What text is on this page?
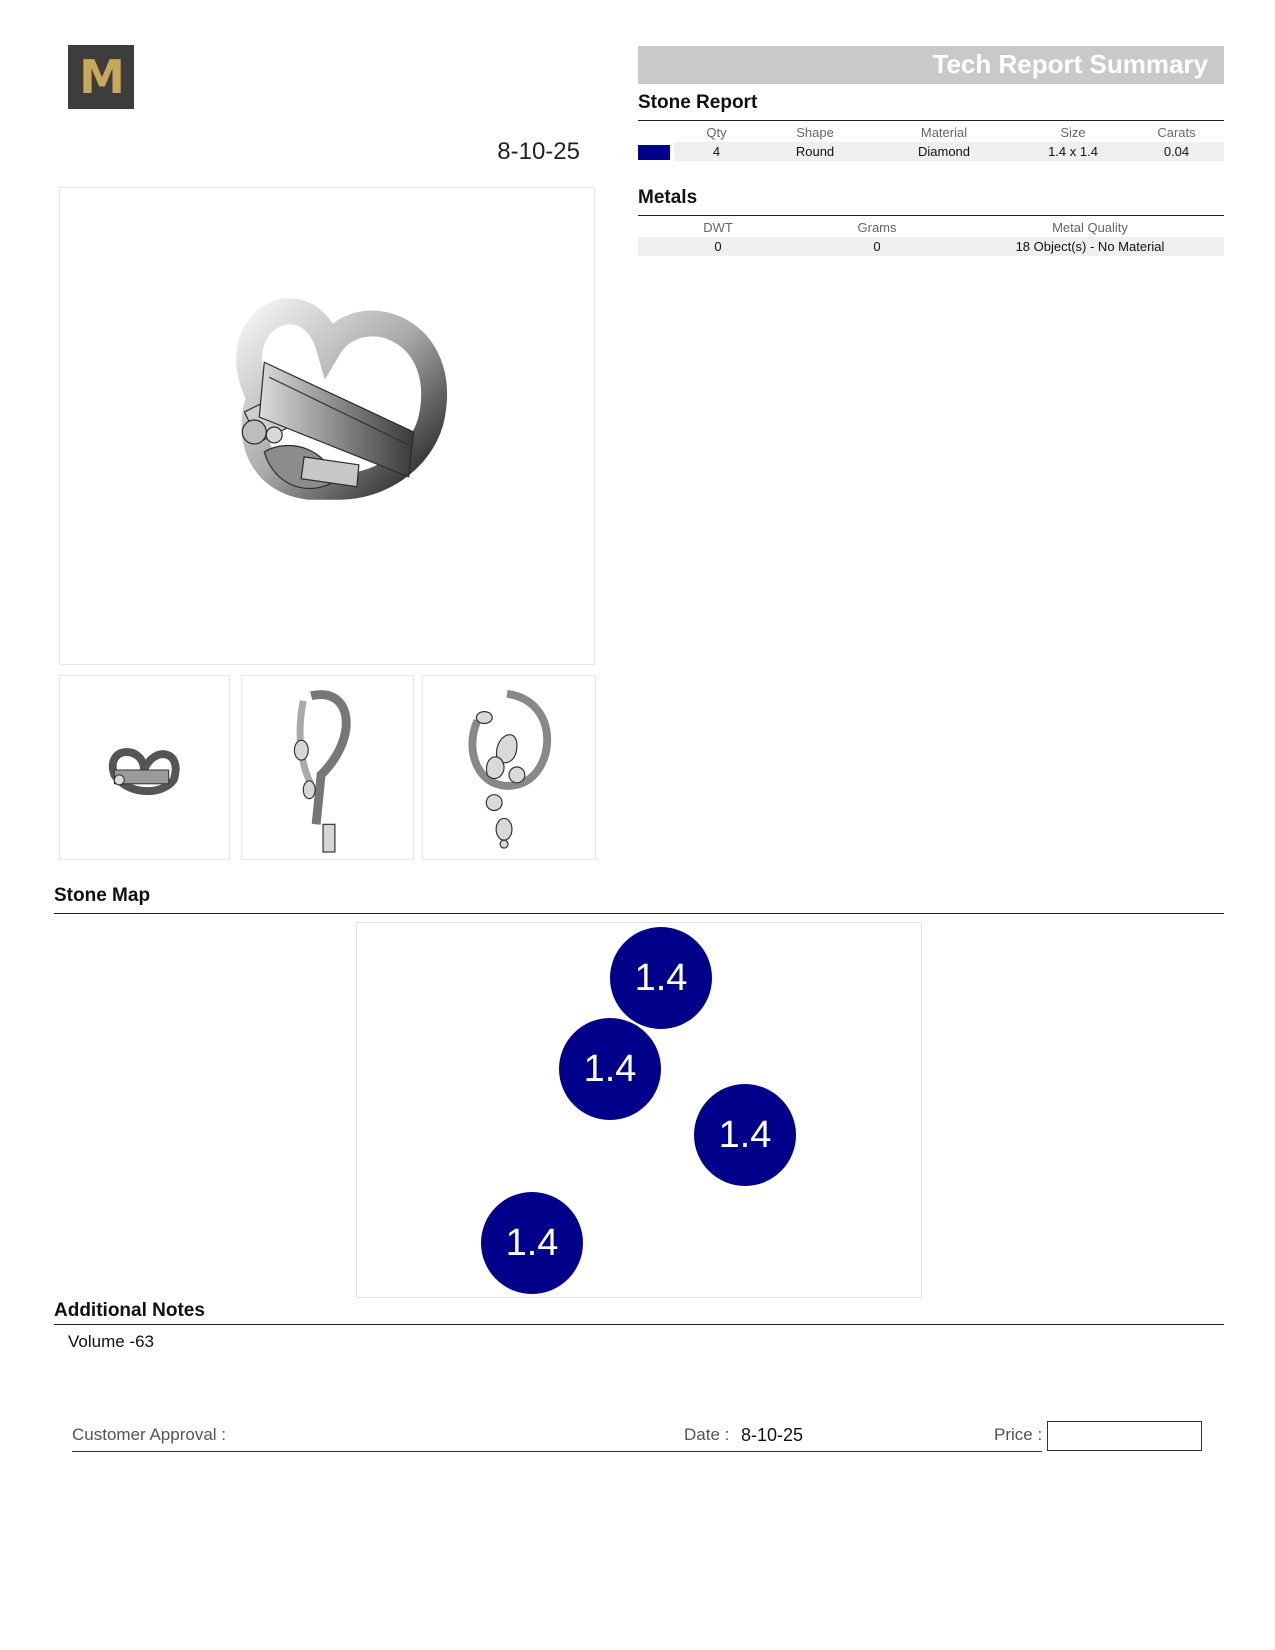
M
8-10-25
Tech Report Summary
Stone Report
	Qty	Shape	Material	Size	Carats
	4	Round	Diamond	1.4 x 1.4	0.04
Metals
DWT	Grams	Metal Quality
0	0	18 Object(s) - No Material
Stone Map
1.4
1.4
1.4
1.4
Additional Notes
Volume -63
Customer Approval :	Date : 8-10-25	Price :
